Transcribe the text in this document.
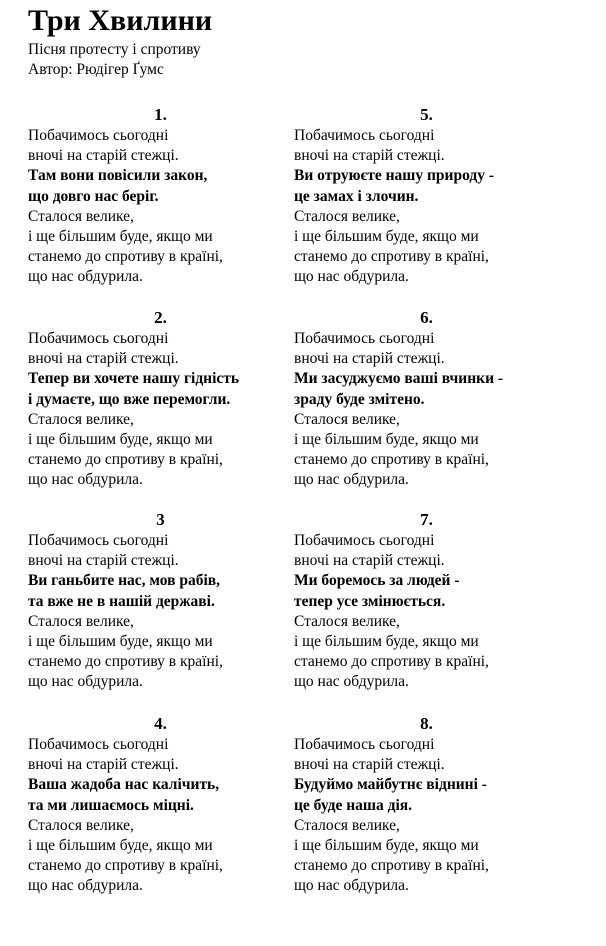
Три Хвилини
Пісня протесту і спротиву
Автор: Рюдігер Ґумс
1.
Побачимось сьогодні
вночі на старій стежці.
Там вони повісили закон,
що довго нас беріг.
Сталося велике,
і ще більшим буде, якщо ми
станемо до спротиву в країні,
що нас обдурила.
2.
Побачимось сьогодні
вночі на старій стежці.
Тепер ви хочете нашу гідність
і думаєте, що вже перемогли.
Сталося велике,
і ще більшим буде, якщо ми
станемо до спротиву в країні,
що нас обдурила.
3
Побачимось сьогодні
вночі на старій стежці.
Ви ганьбите нас, мов рабів,
та вже не в нашій державі.
Сталося велике,
і ще більшим буде, якщо ми
станемо до спротиву в країні,
що нас обдурила.
4.
Побачимось сьогодні
вночі на старій стежці.
Ваша жадоба нас калічить,
та ми лишаємось міцні.
Сталося велике,
і ще більшим буде, якщо ми
станемо до спротиву в країні,
що нас обдурила.
5.
Побачимось сьогодні
вночі на старій стежці.
Ви отруюєте нашу природу -
це замах і злочин.
Сталося велике,
і ще більшим буде, якщо ми
станемо до спротиву в країні,
що нас обдурила.
6.
Побачимось сьогодні
вночі на старій стежці.
Ми засуджуємо ваші вчинки -
зраду буде змітено.
Сталося велике,
і ще більшим буде, якщо ми
станемо до спротиву в країні,
що нас обдурила.
7.
Побачимось сьогодні
вночі на старій стежці.
Ми боремось за людей -
тепер усе змінюється.
Сталося велике,
і ще більшим буде, якщо ми
станемо до спротиву в країні,
що нас обдурила.
8.
Побачимось сьогодні
вночі на старій стежці.
Будуймо майбутнє віднині -
це буде наша дія.
Сталося велике,
і ще більшим буде, якщо ми
станемо до спротиву в країні,
що нас обдурила.
